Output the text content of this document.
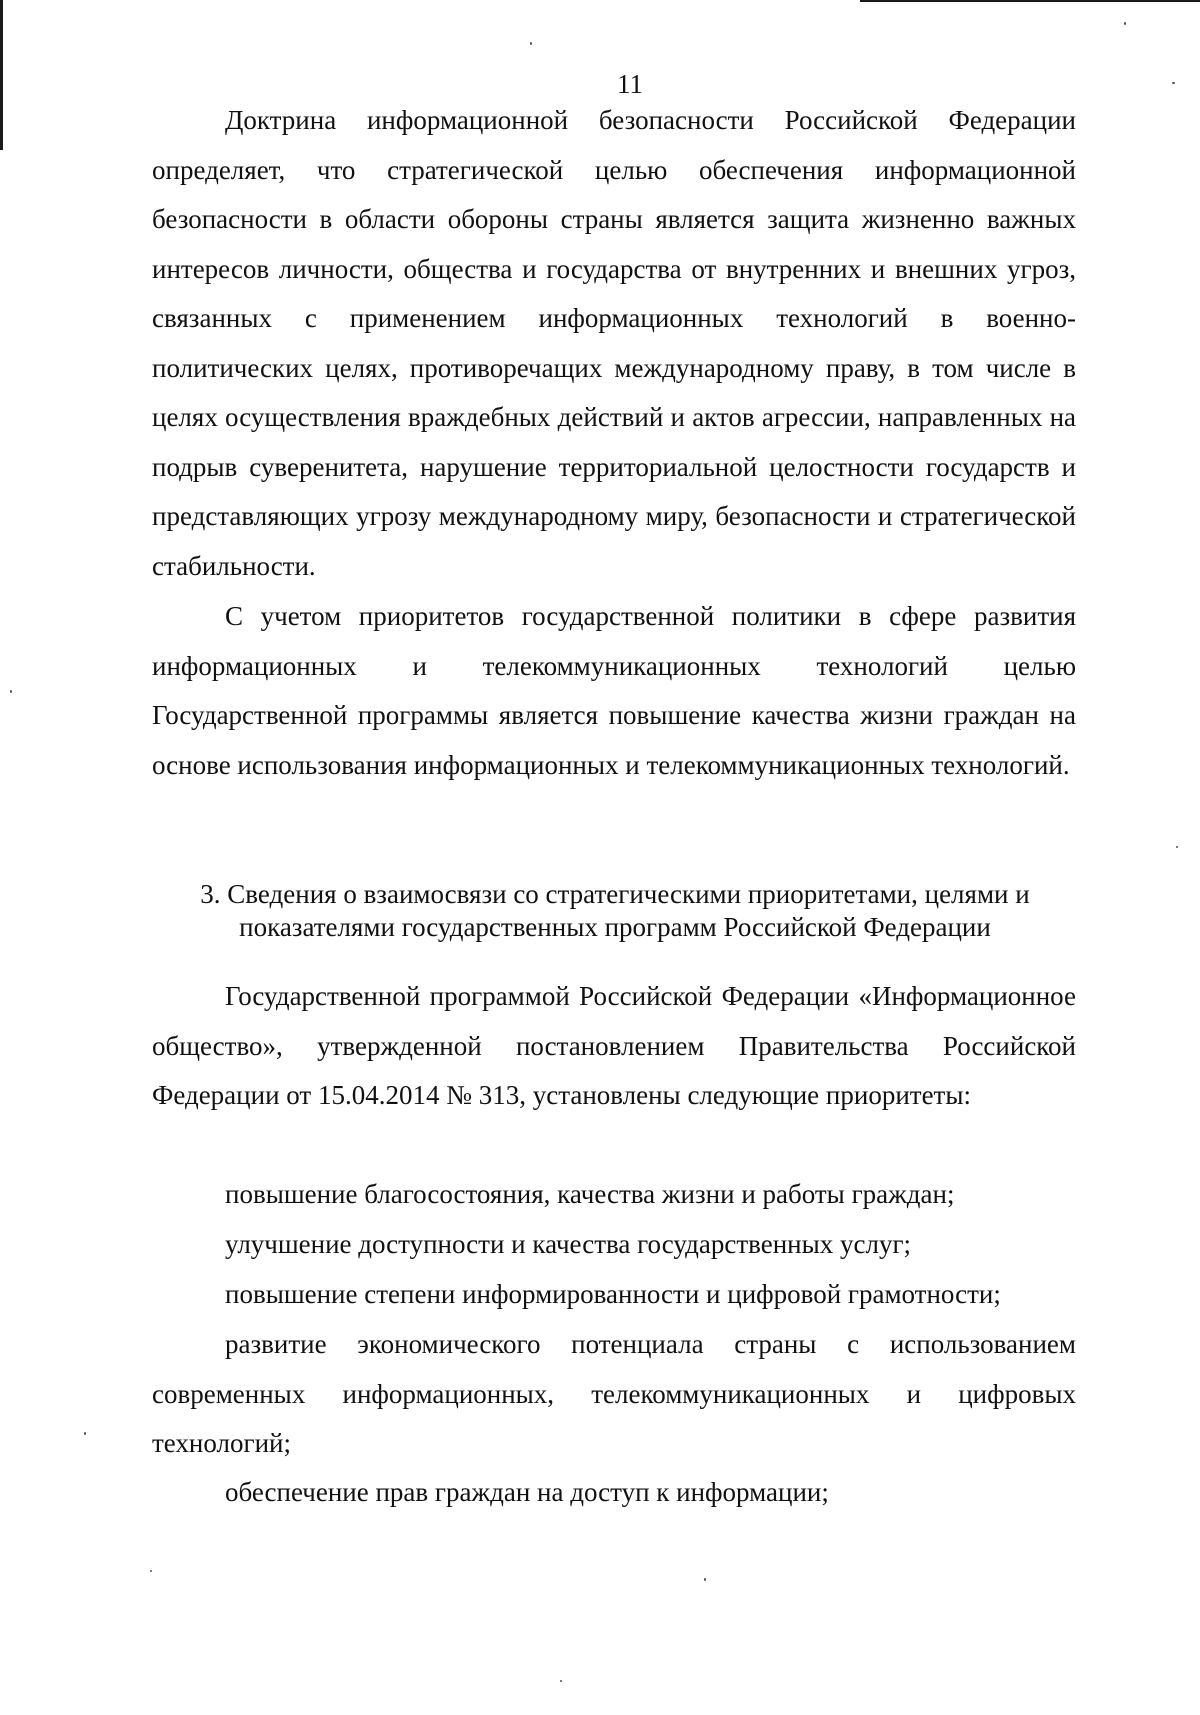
11

Доктрина информационной безопасности Российской Федерации определяет, что стратегической целью обеспечения информационной безопасности в области обороны страны является защита жизненно важных интересов личности, общества и государства от внутренних и внешних угроз, связанных с применением информационных технологий в военно-политических целях, противоречащих международному праву, в том числе в целях осуществления враждебных действий и актов агрессии, направленных на подрыв суверенитета, нарушение территориальной целостности государств и представляющих угрозу международному миру, безопасности и стратегической стабильности.

С учетом приоритетов государственной политики в сфере развития информационных и телекоммуникационных технологий целью Государственной программы является повышение качества жизни граждан на основе использования информационных и телекоммуникационных технологий.

3. Сведения о взаимосвязи со стратегическими приоритетами, целями и
показателями государственных программ Российской Федерации

Государственной программой Российской Федерации «Информационное общество», утвержденной постановлением Правительства Российской Федерации от 15.04.2014 № 313, установлены следующие приоритеты:

повышение благосостояния, качества жизни и работы граждан;

улучшение доступности и качества государственных услуг;

повышение степени информированности и цифровой грамотности;

развитие экономического потенциала страны с использованием современных информационных, телекоммуникационных и цифровых технологий;

обеспечение прав граждан на доступ к информации;
